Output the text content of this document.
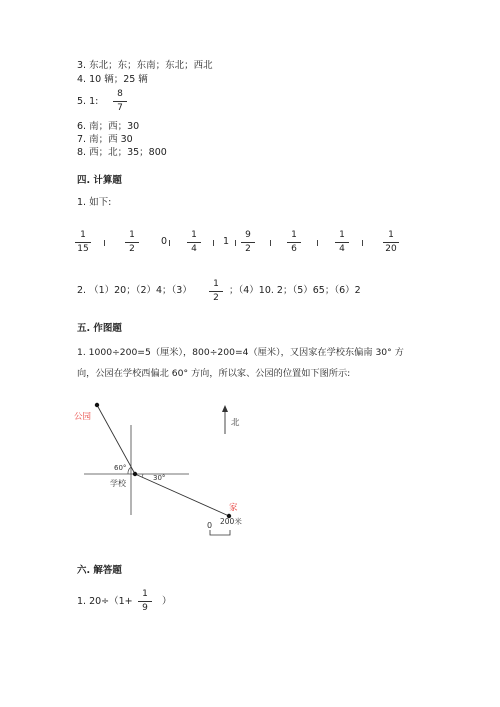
3. 东北；东；东南；东北；西北
4. 10 辆；25 辆
5. 1:
8
7
6. 南；西；30
7. 南；西 30
8. 西；北；35；800
四. 计算题
1. 如下:
1
15
1
2
0
1
4
1
9
2
1
6
1
4
1
20
2. （1）20；（2）4；（3）
1
2
；（4）10. 2；（5）65；（6）2
五. 作图题
1. 1000÷200=5（厘米），800÷200=4（厘米），又因家在学校东偏南 30° 方
向，公园在学校西偏北 60° 方向，所以家、公园的位置如下图所示:
公园
北
60°
30°
学校
家
0 200米
六. 解答题
1. 20÷（1+
1
9
）
